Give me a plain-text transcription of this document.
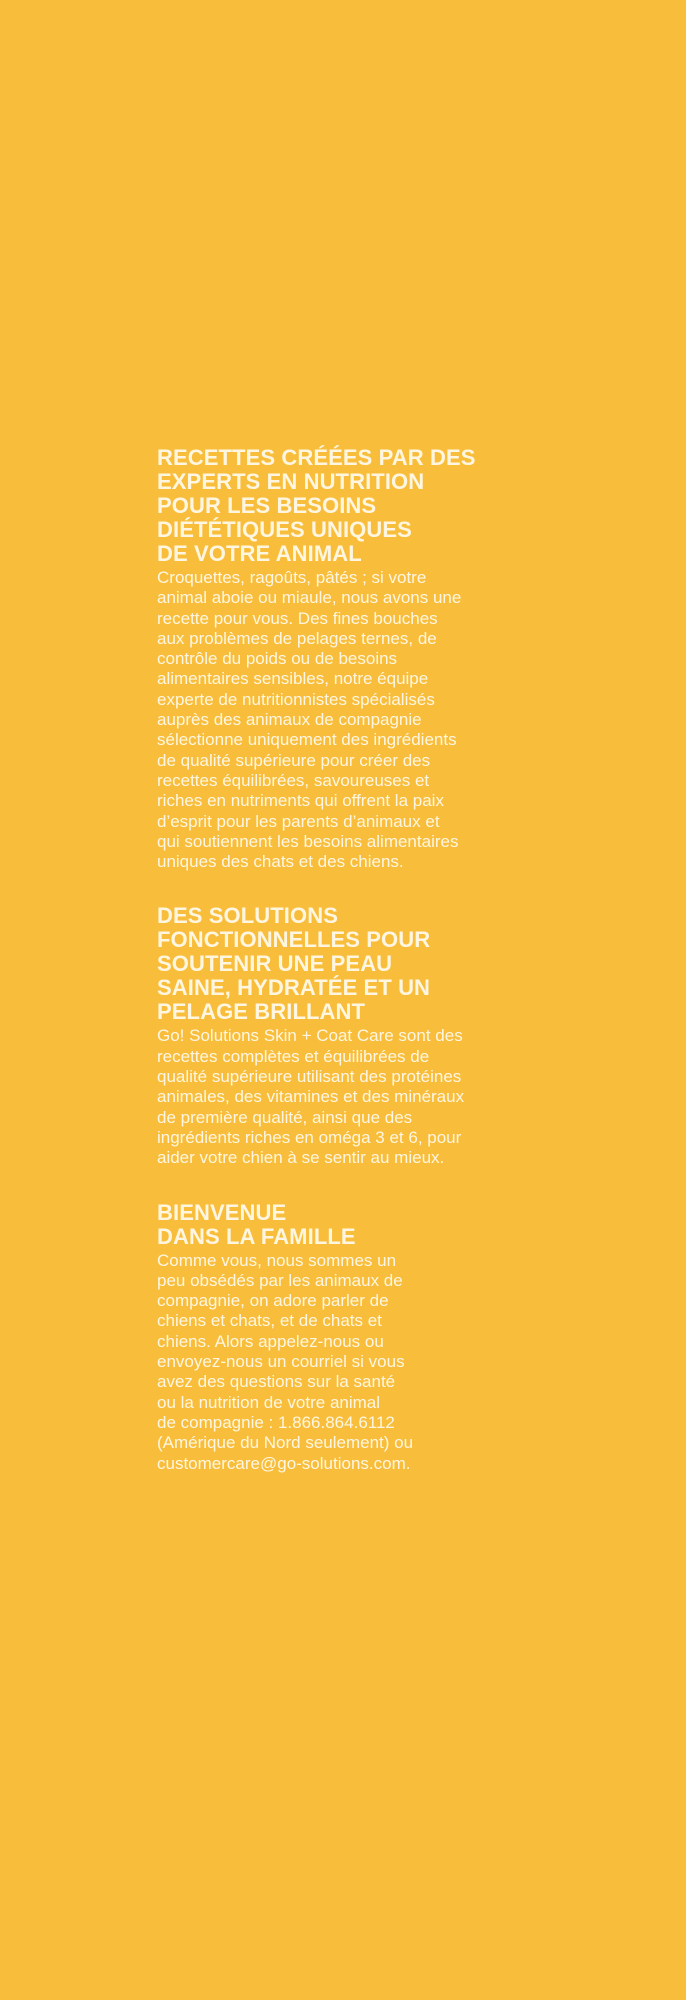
RECETTES CRÉÉES PAR DES
EXPERTS EN NUTRITION
POUR LES BESOINS
DIÉTÉTIQUES UNIQUES
DE VOTRE ANIMAL

Croquettes, ragoûts, pâtés ; si votre
animal aboie ou miaule, nous avons une
recette pour vous. Des fines bouches
aux problèmes de pelages ternes, de
contrôle du poids ou de besoins
alimentaires sensibles, notre équipe
experte de nutritionnistes spécialisés
auprès des animaux de compagnie
sélectionne uniquement des ingrédients
de qualité supérieure pour créer des
recettes équilibrées, savoureuses et
riches en nutriments qui offrent la paix
d’esprit pour les parents d’animaux et
qui soutiennent les besoins alimentaires
uniques des chats et des chiens.

DES SOLUTIONS
FONCTIONNELLES POUR
SOUTENIR UNE PEAU
SAINE, HYDRATÉE ET UN
PELAGE BRILLANT

Go! Solutions Skin + Coat Care sont des
recettes complètes et équilibrées de
qualité supérieure utilisant des protéines
animales, des vitamines et des minéraux
de première qualité, ainsi que des
ingrédients riches en oméga 3 et 6, pour
aider votre chien à se sentir au mieux.

BIENVENUE
DANS LA FAMILLE

Comme vous, nous sommes un
peu obsédés par les animaux de
compagnie, on adore parler de
chiens et chats, et de chats et
chiens. Alors appelez-nous ou
envoyez-nous un courriel si vous
avez des questions sur la santé
ou la nutrition de votre animal
de compagnie : 1.866.864.6112
(Amérique du Nord seulement) ou
customercare@go-solutions.com.
